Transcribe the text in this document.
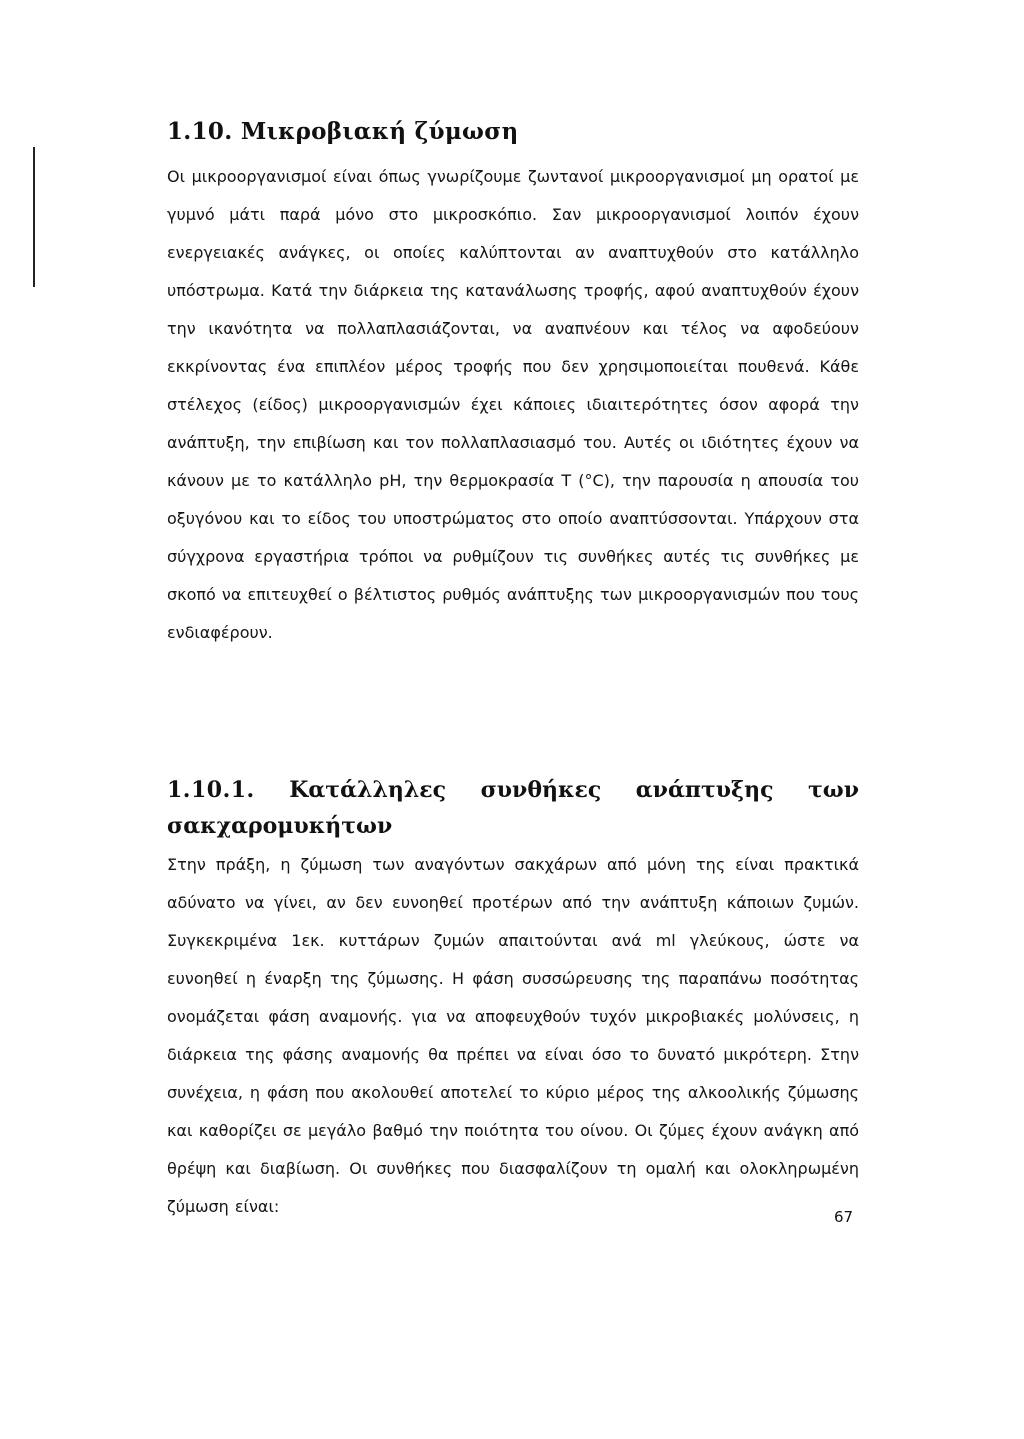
1.10. Μικροβιακή ζύμωση

Οι μικροοργανισμοί είναι όπως γνωρίζουμε ζωντανοί μικροοργανισμοί μη ορατοί με γυμνό μάτι παρά μόνο στο μικροσκόπιο. Σαν μικροοργανισμοί λοιπόν έχουν ενεργειακές ανάγκες, οι οποίες καλύπτονται αν αναπτυχθούν στο κατάλληλο υπόστρωμα. Κατά την διάρκεια της κατανάλωσης τροφής, αφού αναπτυχθούν έχουν την ικανότητα να πολλαπλασιάζονται, να αναπνέουν και τέλος να αφοδεύουν εκκρίνοντας ένα επιπλέον μέρος τροφής που δεν χρησιμοποιείται πουθενά. Κάθε στέλεχος (είδος) μικροοργανισμών έχει κάποιες ιδιαιτερότητες όσον αφορά την ανάπτυξη, την επιβίωση και τον πολλαπλασιασμό του. Αυτές οι ιδιότητες έχουν να κάνουν με το κατάλληλο pH, την θερμοκρασία T (°C), την παρουσία η απουσία του οξυγόνου και το είδος του υποστρώματος στο οποίο αναπτύσσονται. Υπάρχουν στα σύγχρονα εργαστήρια τρόποι να ρυθμίζουν τις συνθήκες αυτές τις συνθήκες με σκοπό να επιτευχθεί ο βέλτιστος ρυθμός ανάπτυξης των μικροοργανισμών που τους ενδιαφέρουν.

1.10.1. Κατάλληλες συνθήκες ανάπτυξης των σακχαρομυκήτων

Στην πράξη, η ζύμωση των αναγόντων σακχάρων από μόνη της είναι πρακτικά αδύνατο να γίνει, αν δεν ευνοηθεί προτέρων από την ανάπτυξη κάποιων ζυμών. Συγκεκριμένα 1εκ. κυττάρων ζυμών απαιτούνται ανά ml γλεύκους, ώστε να ευνοηθεί η έναρξη της ζύμωσης. Η φάση συσσώρευσης της παραπάνω ποσότητας ονομάζεται φάση αναμονής. για να αποφευχθούν τυχόν μικροβιακές μολύνσεις, η διάρκεια της φάσης αναμονής θα πρέπει να είναι όσο το δυνατό μικρότερη. Στην συνέχεια, η φάση που ακολουθεί αποτελεί το κύριο μέρος της αλκοολικής ζύμωσης και καθορίζει σε μεγάλο βαθμό την ποιότητα του οίνου. Οι ζύμες έχουν ανάγκη από θρέψη και διαβίωση. Οι συνθήκες που διασφαλίζουν τη ομαλή και ολοκληρωμένη ζύμωση είναι:

67
